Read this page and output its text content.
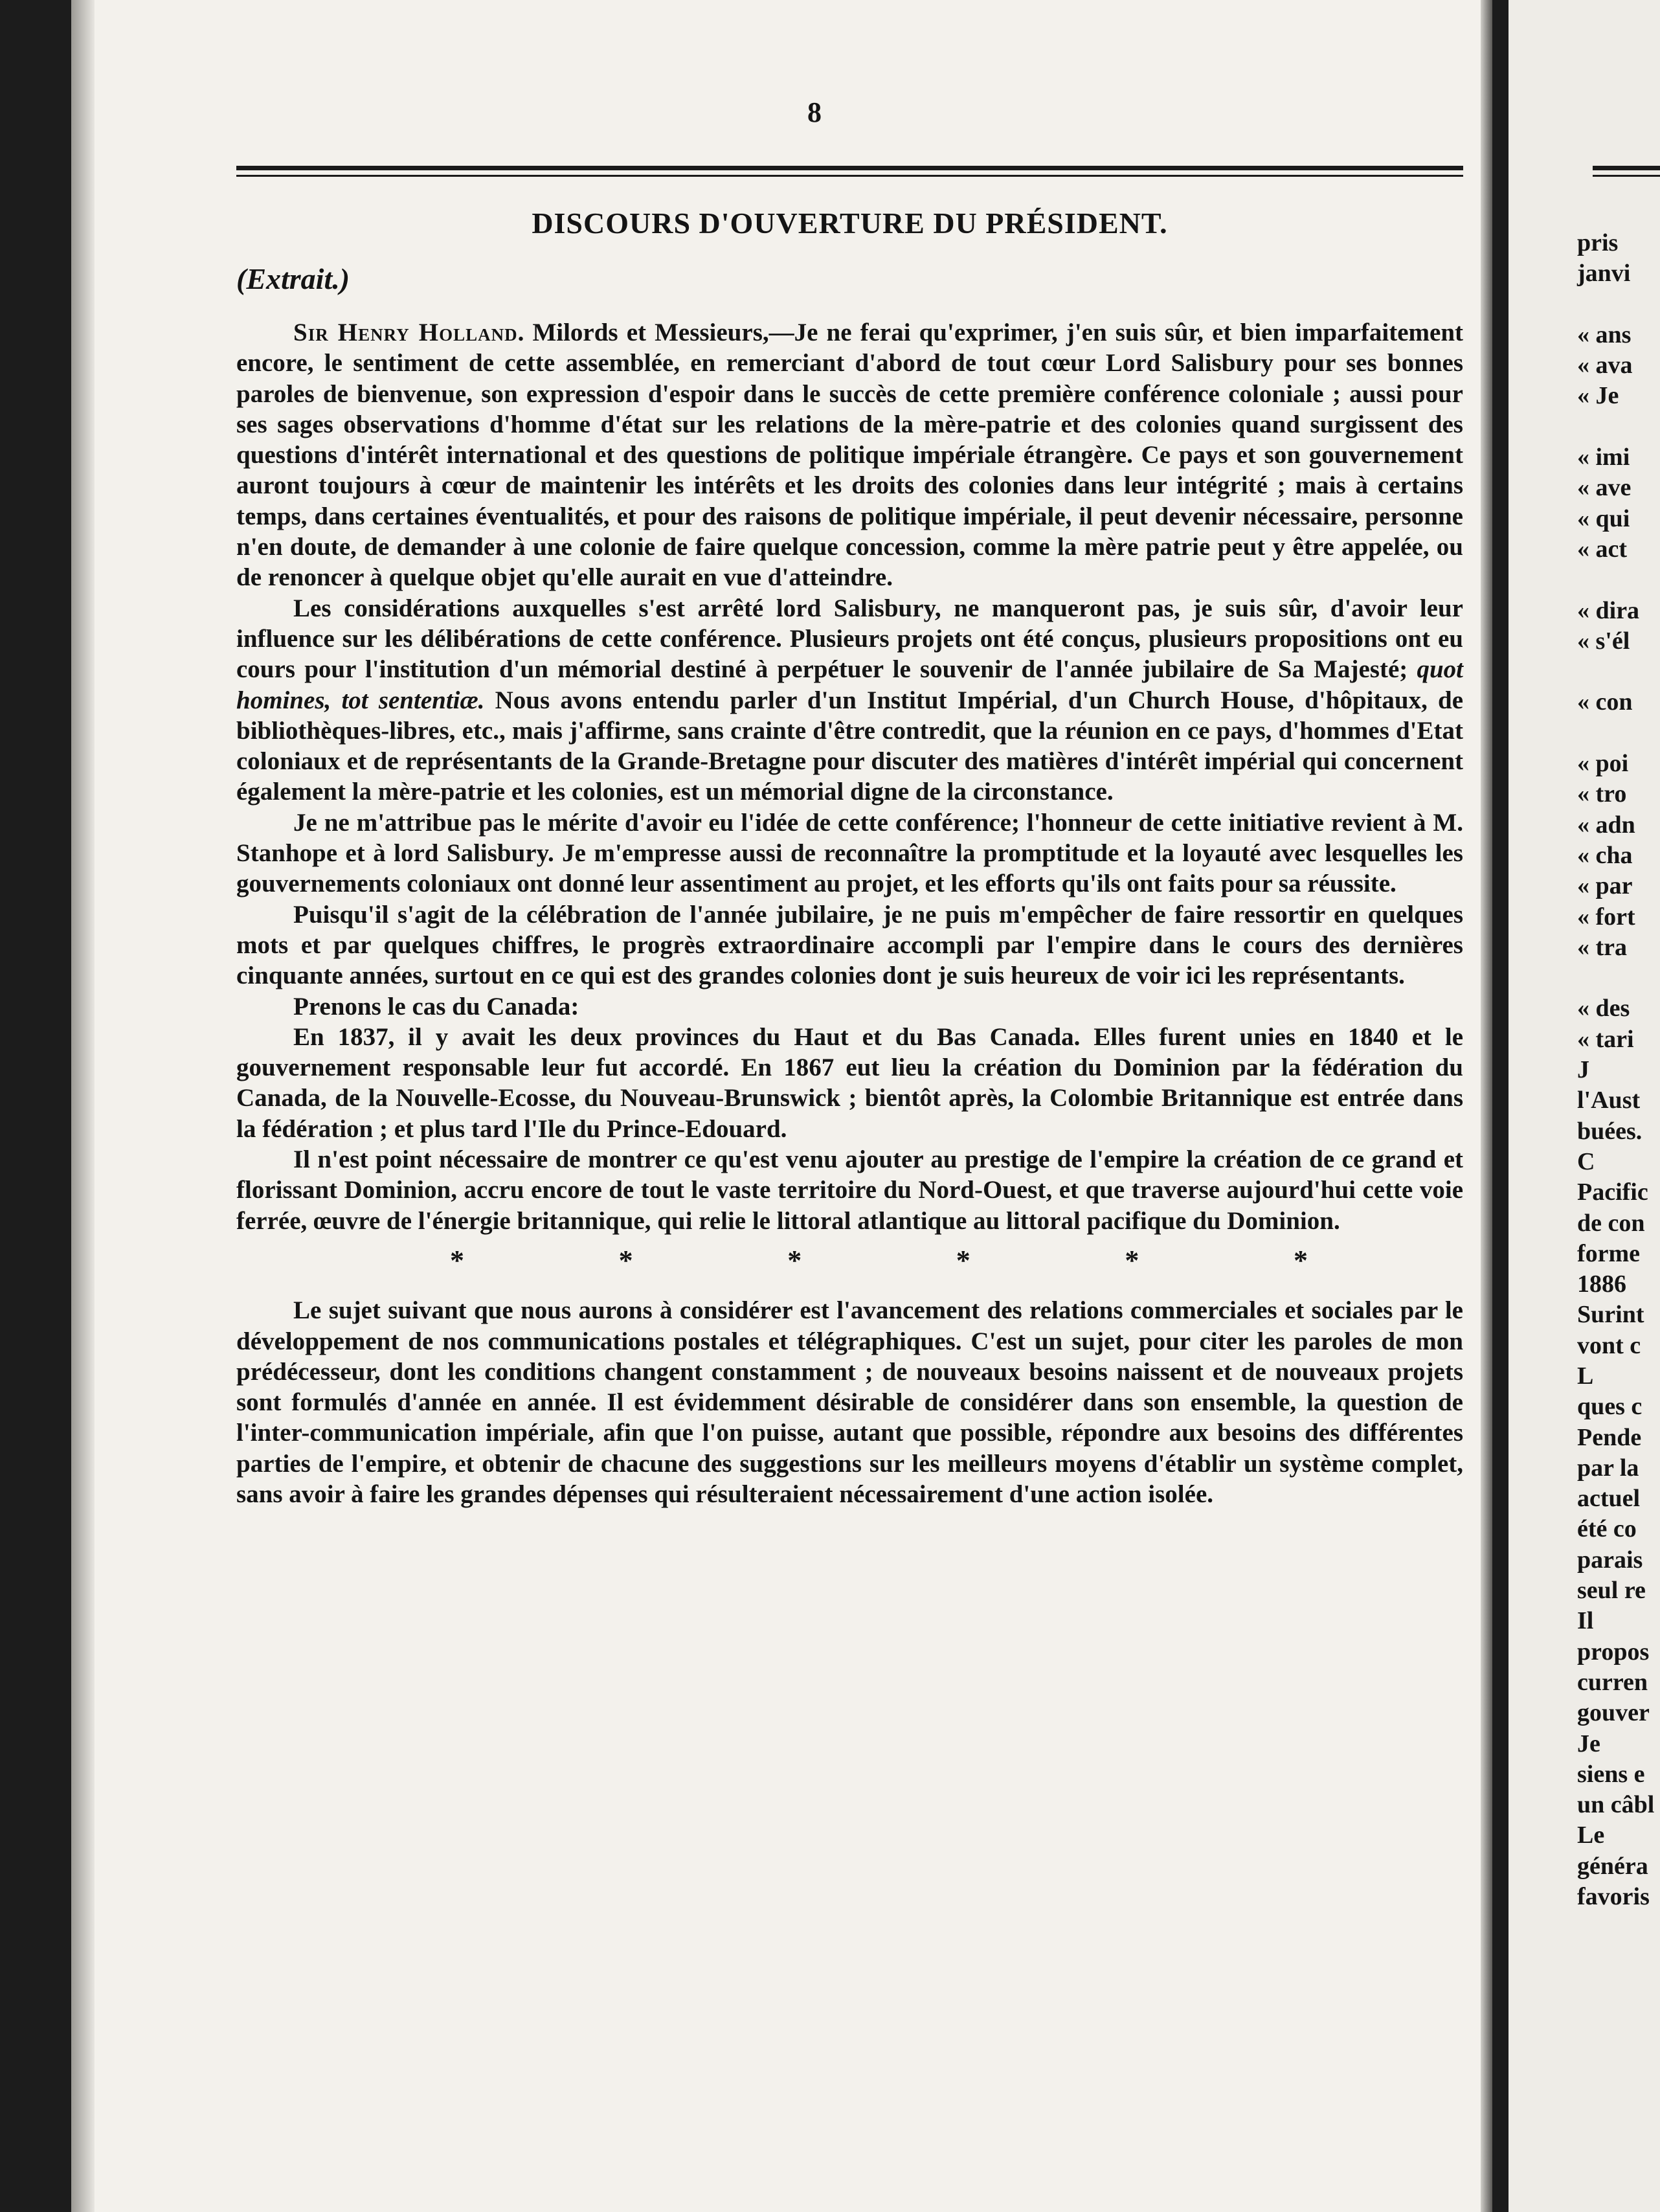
8
DISCOURS D'OUVERTURE DU PRÉSIDENT.
(Extrait.)

Sir Henry Holland. Milords et Messieurs,—Je ne ferai qu'exprimer, j'en suis sûr, et bien imparfaitement encore, le sentiment de cette assemblée, en remerciant d'abord de tout cœur Lord Salisbury pour ses bonnes paroles de bienvenue, son expression d'espoir dans le succès de cette première conférence coloniale ; aussi pour ses sages observations d'homme d'état sur les relations de la mère-patrie et des colonies quand surgissent des questions d'intérêt international et des questions de politique impériale étrangère. Ce pays et son gouvernement auront toujours à cœur de maintenir les intérêts et les droits des colonies dans leur intégrité ; mais à certains temps, dans certaines éventualités, et pour des raisons de politique impériale, il peut devenir nécessaire, personne n'en doute, de demander à une colonie de faire quelque concession, comme la mère patrie peut y être appelée, ou de renoncer à quelque objet qu'elle aurait en vue d'atteindre.

Les considérations auxquelles s'est arrêté lord Salisbury, ne manqueront pas, je suis sûr, d'avoir leur influence sur les délibérations de cette conférence. Plusieurs projets ont été conçus, plusieurs propositions ont eu cours pour l'institution d'un mémorial destiné à perpétuer le souvenir de l'année jubilaire de Sa Majesté; quot homines, tot sententiæ. Nous avons entendu parler d'un Institut Impérial, d'un Church House, d'hôpitaux, de bibliothèques-libres, etc., mais j'affirme, sans crainte d'être contredit, que la réunion en ce pays, d'hommes d'Etat coloniaux et de représentants de la Grande-Bretagne pour discuter des matières d'intérêt impérial qui concernent également la mère-patrie et les colonies, est un mémorial digne de la circonstance.

Je ne m'attribue pas le mérite d'avoir eu l'idée de cette conférence; l'honneur de cette initiative revient à M. Stanhope et à lord Salisbury. Je m'empresse aussi de reconnaître la promptitude et la loyauté avec lesquelles les gouvernements coloniaux ont donné leur assentiment au projet, et les efforts qu'ils ont faits pour sa réussite.

Puisqu'il s'agit de la célébration de l'année jubilaire, je ne puis m'empêcher de faire ressortir en quelques mots et par quelques chiffres, le progrès extraordinaire accompli par l'empire dans le cours des dernières cinquante années, surtout en ce qui est des grandes colonies dont je suis heureux de voir ici les représentants.

Prenons le cas du Canada:

En 1837, il y avait les deux provinces du Haut et du Bas Canada. Elles furent unies en 1840 et le gouvernement responsable leur fut accordé. En 1867 eut lieu la création du Dominion par la fédération du Canada, de la Nouvelle-Ecosse, du Nouveau-Brunswick ; bientôt après, la Colombie Britannique est entrée dans la fédération ; et plus tard l'Ile du Prince-Edouard.

Il n'est point nécessaire de montrer ce qu'est venu ajouter au prestige de l'empire la création de ce grand et florissant Dominion, accru encore de tout le vaste territoire du Nord-Ouest, et que traverse aujourd'hui cette voie ferrée, œuvre de l'énergie britannique, qui relie le littoral atlantique au littoral pacifique du Dominion.

*	*	*	*	*	*

Le sujet suivant que nous aurons à considérer est l'avancement des relations commerciales et sociales par le développement de nos communications postales et télégraphiques. C'est un sujet, pour citer les paroles de mon prédécesseur, dont les conditions changent constamment ; de nouveaux besoins naissent et de nouveaux projets sont formulés d'année en année. Il est évidemment désirable de considérer dans son ensemble, la question de l'inter-communication impériale, afin que l'on puisse, autant que possible, répondre aux besoins des différentes parties de l'empire, et obtenir de chacune des suggestions sur les meilleurs moyens d'établir un système complet, sans avoir à faire les grandes dépenses qui résulteraient nécessairement d'une action isolée.

pris
janvi
« ans
« ava
« Je
« imi
« ave
« qui
« act
« dira
« s'él
« con
« poi
« tro
« adn
« cha
« par
« fort
« tra
« des
« tari
J
l'Aust
buées.
C
Pacific
de con
forme
1886
Surint
vont c
L
ques c
Pende
par la
actuel
été co
parais
seul re
Il
propos
curren
gouver
Je
siens e
un câbl
Le
généra
favoris
